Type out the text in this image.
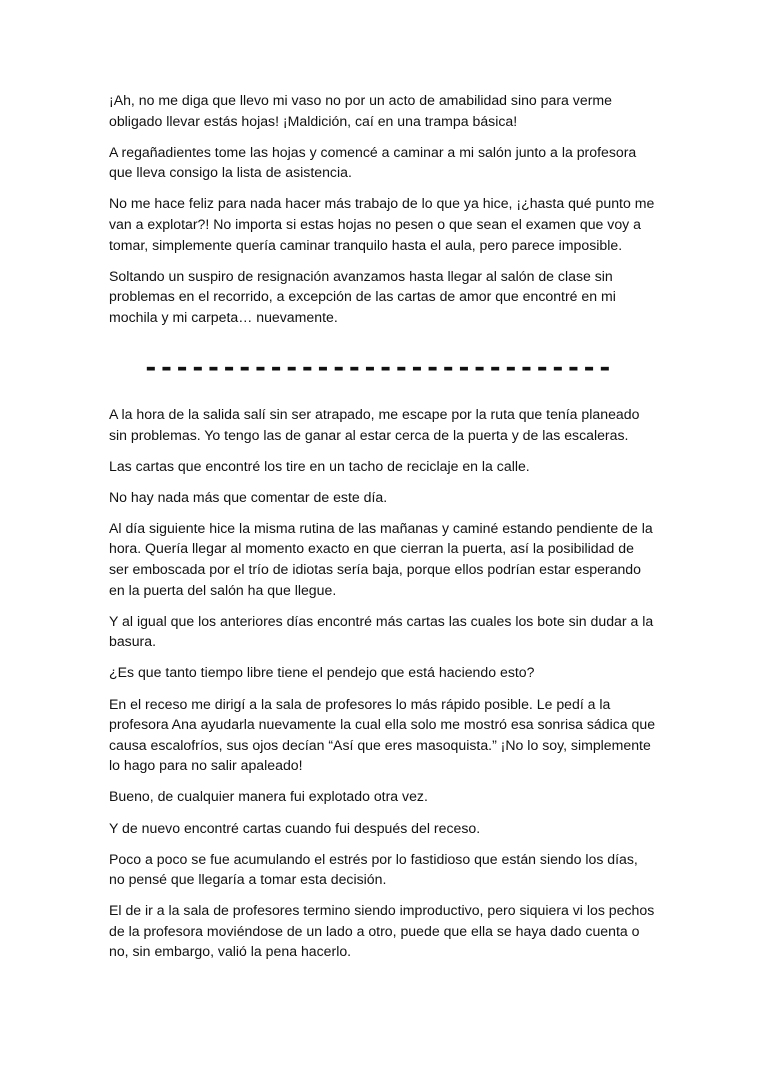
¡Ah, no me diga que llevo mi vaso no por un acto de amabilidad sino para verme obligado llevar estás hojas! ¡Maldición, caí en una trampa básica!

A regañadientes tome las hojas y comencé a caminar a mi salón junto a la profesora que lleva consigo la lista de asistencia.

No me hace feliz para nada hacer más trabajo de lo que ya hice, ¡¿hasta qué punto me van a explotar?! No importa si estas hojas no pesen o que sean el examen que voy a tomar, simplemente quería caminar tranquilo hasta el aula, pero parece imposible.

Soltando un suspiro de resignación avanzamos hasta llegar al salón de clase sin problemas en el recorrido, a excepción de las cartas de amor que encontré en mi mochila y mi carpeta… nuevamente.

------------------------------

A la hora de la salida salí sin ser atrapado, me escape por la ruta que tenía planeado sin problemas. Yo tengo las de ganar al estar cerca de la puerta y de las escaleras.

Las cartas que encontré los tire en un tacho de reciclaje en la calle.

No hay nada más que comentar de este día.

Al día siguiente hice la misma rutina de las mañanas y caminé estando pendiente de la hora. Quería llegar al momento exacto en que cierran la puerta, así la posibilidad de ser emboscada por el trío de idiotas sería baja, porque ellos podrían estar esperando en la puerta del salón ha que llegue.

Y al igual que los anteriores días encontré más cartas las cuales los bote sin dudar a la basura.

¿Es que tanto tiempo libre tiene el pendejo que está haciendo esto?

En el receso me dirigí a la sala de profesores lo más rápido posible. Le pedí a la profesora Ana ayudarla nuevamente la cual ella solo me mostró esa sonrisa sádica que causa escalofríos, sus ojos decían “Así que eres masoquista.” ¡No lo soy, simplemente lo hago para no salir apaleado!

Bueno, de cualquier manera fui explotado otra vez.

Y de nuevo encontré cartas cuando fui después del receso.

Poco a poco se fue acumulando el estrés por lo fastidioso que están siendo los días, no pensé que llegaría a tomar esta decisión.

El de ir a la sala de profesores termino siendo improductivo, pero siquiera vi los pechos de la profesora moviéndose de un lado a otro, puede que ella se haya dado cuenta o no, sin embargo, valió la pena hacerlo.
